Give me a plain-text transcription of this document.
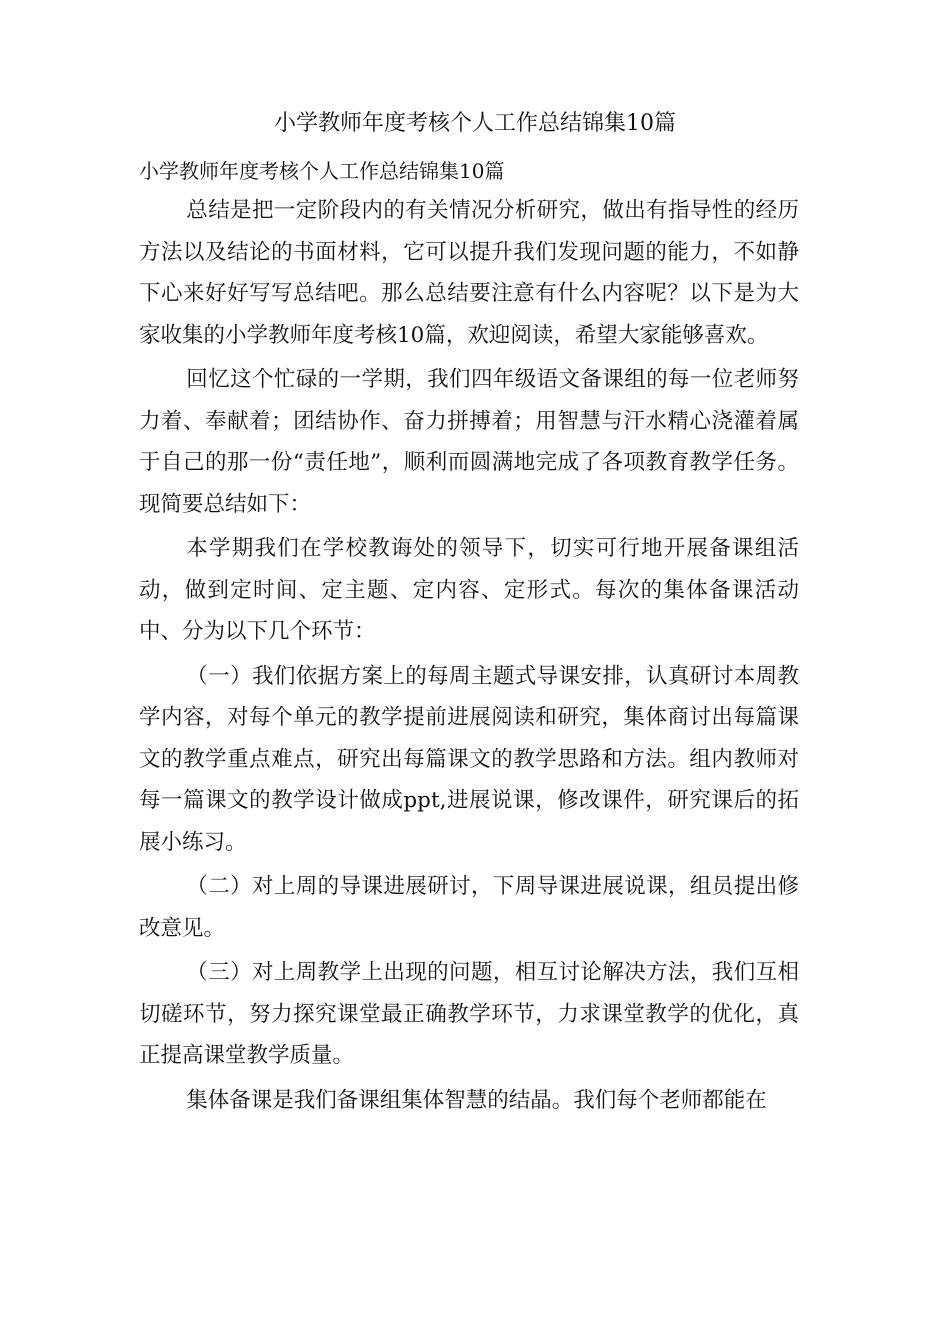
小学教师年度考核个人工作总结锦集10篇

小学教师年度考核个人工作总结锦集10篇

总结是把一定阶段内的有关情况分析研究，做出有指导性的经历方法以及结论的书面材料，它可以提升我们发现问题的能力，不如静下心来好好写写总结吧。那么总结要注意有什么内容呢？以下是为大家收集的小学教师年度考核10篇，欢迎阅读，希望大家能够喜欢。

回忆这个忙碌的一学期，我们四年级语文备课组的每一位老师努力着、奉献着；团结协作、奋力拼搏着；用智慧与汗水精心浇灌着属于自己的那一份“责任地”，顺利而圆满地完成了各项教育教学任务。现简要总结如下：

本学期我们在学校教诲处的领导下，切实可行地开展备课组活动，做到定时间、定主题、定内容、定形式。每次的集体备课活动中、分为以下几个环节：

（一）我们依据方案上的每周主题式导课安排，认真研讨本周教学内容，对每个单元的教学提前进展阅读和研究，集体商讨出每篇课文的教学重点难点，研究出每篇课文的教学思路和方法。组内教师对每一篇课文的教学设计做成ppt,进展说课，修改课件，研究课后的拓展小练习。

（二）对上周的导课进展研讨，下周导课进展说课，组员提出修改意见。

（三）对上周教学上出现的问题，相互讨论解决方法，我们互相切磋环节，努力探究课堂最正确教学环节，力求课堂教学的优化，真正提高课堂教学质量。

集体备课是我们备课组集体智慧的结晶。我们每个老师都能在
